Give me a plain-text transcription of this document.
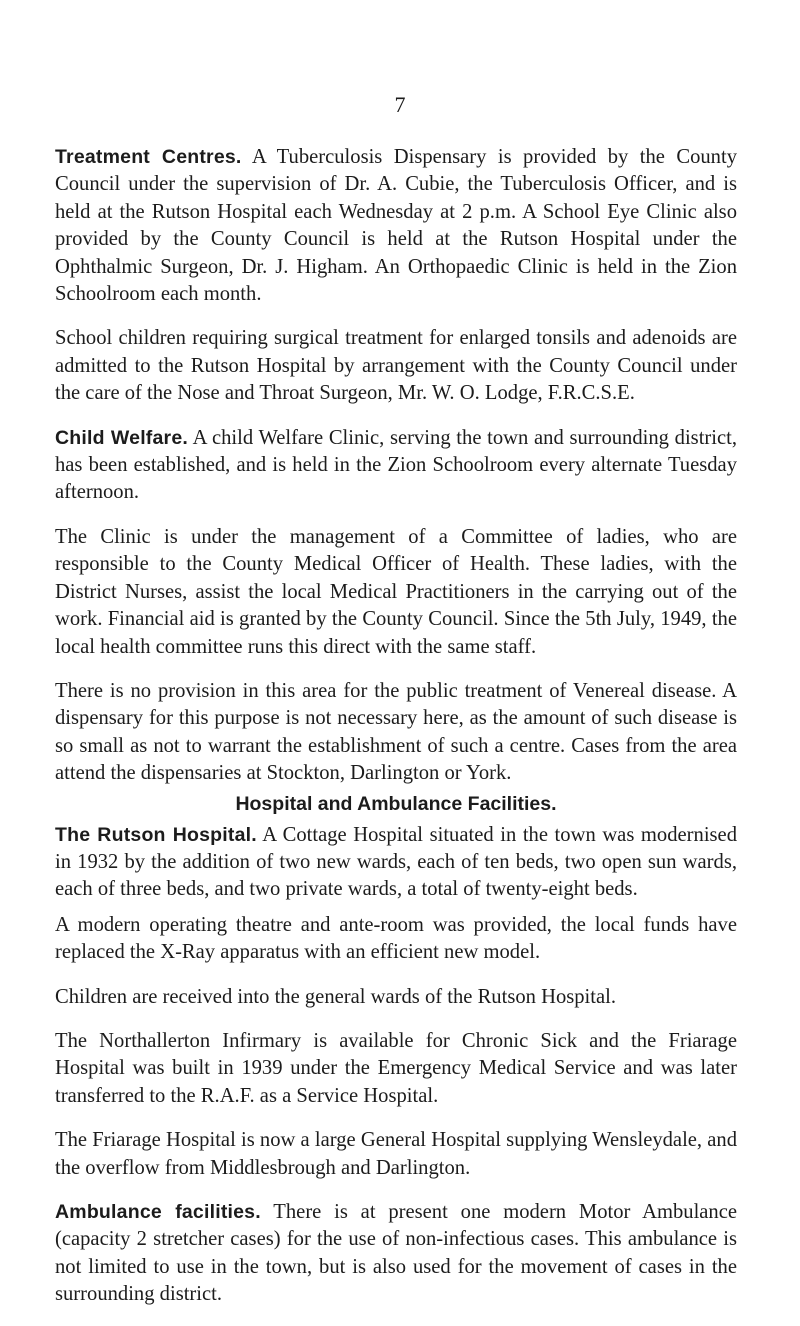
7

Treatment Centres. A Tuberculosis Dispensary is provided by the County Council under the supervision of Dr. A. Cubie, the Tuberculosis Officer, and is held at the Rutson Hospital each Wednesday at 2 p.m. A School Eye Clinic also provided by the County Council is held at the Rutson Hospital under the Ophthalmic Surgeon, Dr. J. Higham. An Orthopaedic Clinic is held in the Zion Schoolroom each month.

School children requiring surgical treatment for enlarged tonsils and adenoids are admitted to the Rutson Hospital by arrangement with the County Council under the care of the Nose and Throat Surgeon, Mr. W. O. Lodge, F.R.C.S.E.

Child Welfare. A child Welfare Clinic, serving the town and surrounding district, has been established, and is held in the Zion Schoolroom every alternate Tuesday afternoon.

The Clinic is under the management of a Committee of ladies, who are responsible to the County Medical Officer of Health. These ladies, with the District Nurses, assist the local Medical Practitioners in the carrying out of the work. Financial aid is granted by the County Council. Since the 5th July, 1949, the local health committee runs this direct with the same staff.

There is no provision in this area for the public treatment of Venereal disease. A dispensary for this purpose is not necessary here, as the amount of such disease is so small as not to warrant the establishment of such a centre. Cases from the area attend the dispensaries at Stockton, Darlington or York.

Hospital and Ambulance Facilities.

The Rutson Hospital. A Cottage Hospital situated in the town was modernised in 1932 by the addition of two new wards, each of ten beds, two open sun wards, each of three beds, and two private wards, a total of twenty-eight beds.

A modern operating theatre and ante-room was provided, the local funds have replaced the X-Ray apparatus with an efficient new model.

Children are received into the general wards of the Rutson Hospital.

The Northallerton Infirmary is available for Chronic Sick and the Friarage Hospital was built in 1939 under the Emergency Medical Service and was later transferred to the R.A.F. as a Service Hospital.

The Friarage Hospital is now a large General Hospital supplying Wensleydale, and the overflow from Middlesbrough and Darlington.

Ambulance facilities. There is at present one modern Motor Ambulance (capacity 2 stretcher cases) for the use of non-infectious cases. This ambulance is not limited to use in the town, but is also used for the movement of cases in the surrounding district.
